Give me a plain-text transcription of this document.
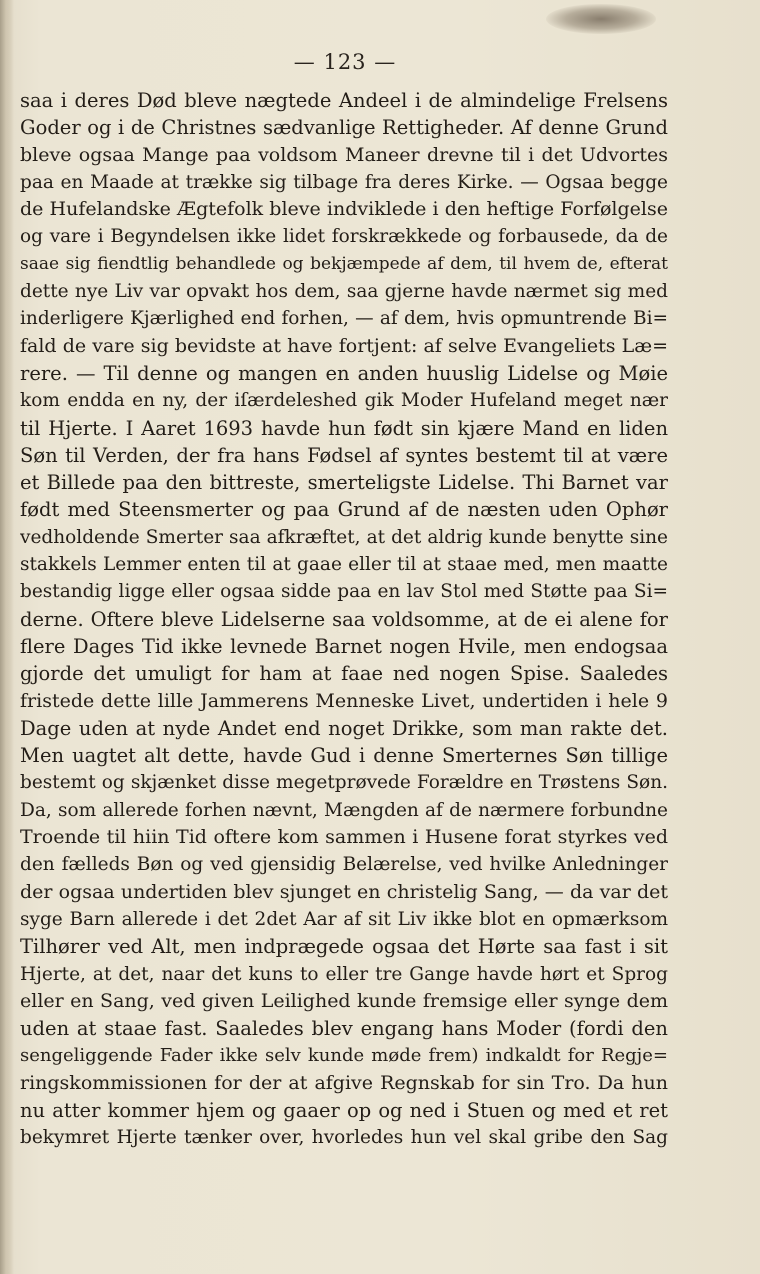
— 123 —
saa i deres Død bleve nægtede Andeel i de almindelige Frelsens
Goder og i de Christnes sædvanlige Rettigheder. Af denne Grund
bleve ogsaa Mange paa voldsom Maneer drevne til i det Udvortes
paa en Maade at trække sig tilbage fra deres Kirke. — Ogsaa begge
de Hufelandske Ægtefolk bleve indviklede i den heftige Forfølgelse
og vare i Begyndelsen ikke lidet forskrækkede og forbausede, da de
saae sig fiendtlig behandlede og bekjæmpede af dem, til hvem de, efterat
dette nye Liv var opvakt hos dem, saa gjerne havde nærmet sig med
inderligere Kjærlighed end forhen, — af dem, hvis opmuntrende Bi=
fald de vare sig bevidste at have fortjent: af selve Evangeliets Læ=
rere. — Til denne og mangen en anden huuslig Lidelse og Møie
kom endda en ny, der iſærdeleshed gik Moder Hufeland meget nær
til Hjerte. I Aaret 1693 havde hun født sin kjære Mand en liden
Søn til Verden, der fra hans Fødsel af syntes bestemt til at være
et Billede paa den bittreste, smerteligste Lidelse. Thi Barnet var
født med Steensmerter og paa Grund af de næsten uden Ophør
vedholdende Smerter saa afkræftet, at det aldrig kunde benytte sine
stakkels Lemmer enten til at gaae eller til at staae med, men maatte
bestandig ligge eller ogsaa sidde paa en lav Stol med Støtte paa Si=
derne. Oftere bleve Lidelserne saa voldsomme, at de ei alene for
flere Dages Tid ikke levnede Barnet nogen Hvile, men endogsaa
gjorde det umuligt for ham at faae ned nogen Spise. Saaledes
fristede dette lille Jammerens Menneske Livet, undertiden i hele 9
Dage uden at nyde Andet end noget Drikke, som man rakte det.
Men uagtet alt dette, havde Gud i denne Smerternes Søn tillige
bestemt og skjænket disse megetprøvede Forældre en Trøstens Søn.
Da, som allerede forhen nævnt, Mængden af de nærmere forbundne
Troende til hiin Tid oftere kom sammen i Husene forat styrkes ved
den fælleds Bøn og ved gjensidig Belærelse, ved hvilke Anledninger
der ogsaa undertiden blev sjunget en christelig Sang, — da var det
syge Barn allerede i det 2det Aar af sit Liv ikke blot en opmærksom
Tilhører ved Alt, men indprægede ogsaa det Hørte saa fast i sit
Hjerte, at det, naar det kuns to eller tre Gange havde hørt et Sprog
eller en Sang, ved given Leilighed kunde fremsige eller synge dem
uden at staae fast. Saaledes blev engang hans Moder (fordi den
sengeliggende Fader ikke selv kunde møde frem) indkaldt for Regje=
ringskommissionen for der at afgive Regnskab for sin Tro. Da hun
nu atter kommer hjem og gaaer op og ned i Stuen og med et ret
bekymret Hjerte tænker over, hvorledes hun vel skal gribe den Sag
